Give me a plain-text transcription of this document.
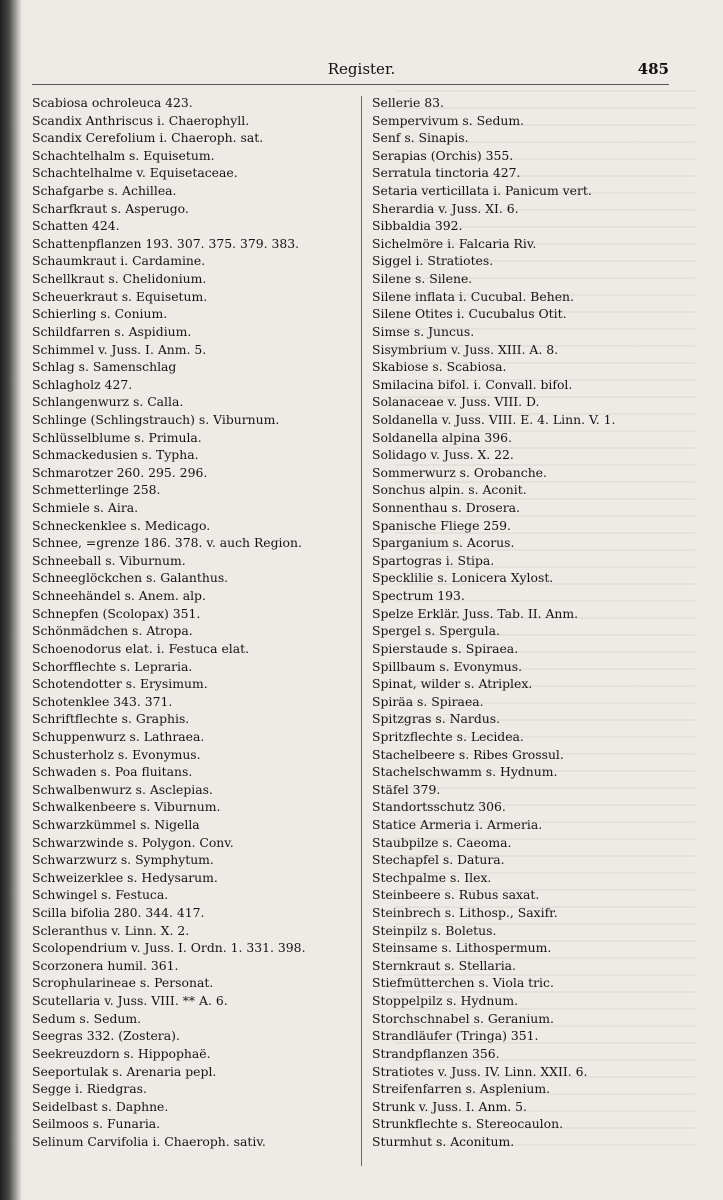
Register.	485
Scabiosa ochroleuca 423.
Scandix Anthriscus i. Chaerophyll.
Scandix Cerefolium i. Chaeroph. sat.
Schachtelhalm s. Equisetum.
Schachtelhalme v. Equisetaceae.
Schafgarbe s. Achillea.
Scharfkraut s. Asperugo.
Schatten 424.
Schattenpflanzen 193. 307. 375. 379. 383.
Schaumkraut i. Cardamine.
Schellkraut s. Chelidonium.
Scheuerkraut s. Equisetum.
Schierling s. Conium.
Schildfarren s. Aspidium.
Schimmel v. Juss. I. Anm. 5.
Schlag s. Samenschlag
Schlagholz 427.
Schlangenwurz s. Calla.
Schlinge (Schlingstrauch) s. Viburnum.
Schlüsselblume s. Primula.
Schmackedusien s. Typha.
Schmarotzer 260. 295. 296.
Schmetterlinge 258.
Schmiele s. Aira.
Schneckenklee s. Medicago.
Schnee, =grenze 186. 378. v. auch Region.
Schneeball s. Viburnum.
Schneeglöckchen s. Galanthus.
Schneehändel s. Anem. alp.
Schnepfen (Scolopax) 351.
Schönmädchen s. Atropa.
Schoenodorus elat. i. Festuca elat.
Schorfflechte s. Lepraria.
Schotendotter s. Erysimum.
Schotenklee 343. 371.
Schriftflechte s. Graphis.
Schuppenwurz s. Lathraea.
Schusterholz s. Evonymus.
Schwaden s. Poa fluitans.
Schwalbenwurz s. Asclepias.
Schwalkenbeere s. Viburnum.
Schwarzkümmel s. Nigella
Schwarzwinde s. Polygon. Conv.
Schwarzwurz s. Symphytum.
Schweizerklee s. Hedysarum.
Schwingel s. Festuca.
Scilla bifolia 280. 344. 417.
Scleranthus v. Linn. X. 2.
Scolopendrium v. Juss. I. Ordn. 1. 331. 398.
Scorzonera humil. 361.
Scrophularineae s. Personat.
Scutellaria v. Juss. VIII. ** A. 6.
Sedum s. Sedum.
Seegras 332. (Zostera).
Seekreuzdorn s. Hippophaë.
Seeportulak s. Arenaria pepl.
Segge i. Riedgras.
Seidelbast s. Daphne.
Seilmoos s. Funaria.
Selinum Carvifolia i. Chaeroph. sativ.
Sellerie 83.
Sempervivum s. Sedum.
Senf s. Sinapis.
Serapias (Orchis) 355.
Serratula tinctoria 427.
Setaria verticillata i. Panicum vert.
Sherardia v. Juss. XI. 6.
Sibbaldia 392.
Sichelmöre i. Falcaria Riv.
Siggel i. Stratiotes.
Silene s. Silene.
Silene inflata i. Cucubal. Behen.
Silene Otites i. Cucubalus Otit.
Simse s. Juncus.
Sisymbrium v. Juss. XIII. A. 8.
Skabiose s. Scabiosa.
Smilacina bifol. i. Convall. bifol.
Solanaceae v. Juss. VIII. D.
Soldanella v. Juss. VIII. E. 4. Linn. V. 1.
Soldanella alpina 396.
Solidago v. Juss. X. 22.
Sommerwurz s. Orobanche.
Sonchus alpin. s. Aconit.
Sonnenthau s. Drosera.
Spanische Fliege 259.
Sparganium s. Acorus.
Spartogras i. Stipa.
Specklilie s. Lonicera Xylost.
Spectrum 193.
Spelze Erklär. Juss. Tab. II. Anm.
Spergel s. Spergula.
Spierstaude s. Spiraea.
Spillbaum s. Evonymus.
Spinat, wilder s. Atriplex.
Spiräa s. Spiraea.
Spitzgras s. Nardus.
Spritzflechte s. Lecidea.
Stachelbeere s. Ribes Grossul.
Stachelschwamm s. Hydnum.
Stäfel 379.
Standortsschutz 306.
Statice Armeria i. Armeria.
Staubpilze s. Caeoma.
Stechapfel s. Datura.
Stechpalme s. Ilex.
Steinbeere s. Rubus saxat.
Steinbrech s. Lithosp., Saxifr.
Steinpilz s. Boletus.
Steinsame s. Lithospermum.
Sternkraut s. Stellaria.
Stiefmütterchen s. Viola tric.
Stoppelpilz s. Hydnum.
Storchschnabel s. Geranium.
Strandläufer (Tringa) 351.
Strandpflanzen 356.
Stratiotes v. Juss. IV. Linn. XXII. 6.
Streifenfarren s. Asplenium.
Strunk v. Juss. I. Anm. 5.
Strunkflechte s. Stereocaulon.
Sturmhut s. Aconitum.
